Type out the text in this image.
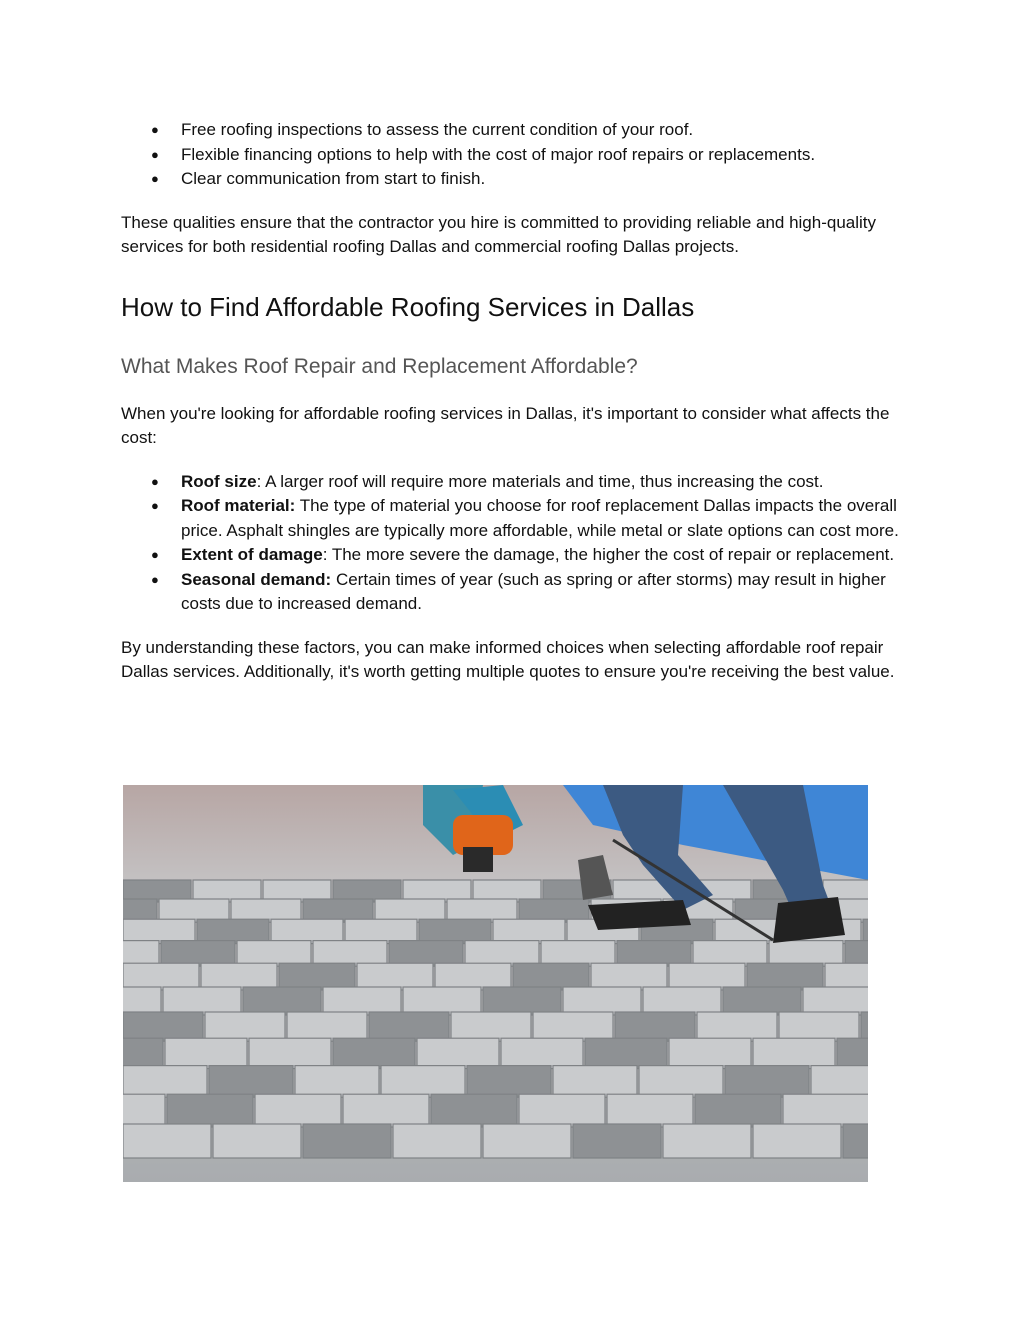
● Free roofing inspections to assess the current condition of your roof.
● Flexible financing options to help with the cost of major roof repairs or replacements.
● Clear communication from start to finish.

These qualities ensure that the contractor you hire is committed to providing reliable and high-quality services for both residential roofing Dallas and commercial roofing Dallas projects.

How to Find Affordable Roofing Services in Dallas
What Makes Roof Repair and Replacement Affordable?

When you're looking for affordable roofing services in Dallas, it's important to consider what affects the cost:

● Roof size: A larger roof will require more materials and time, thus increasing the cost.
● Roof material: The type of material you choose for roof replacement Dallas impacts the overall price. Asphalt shingles are typically more affordable, while metal or slate options can cost more.
● Extent of damage: The more severe the damage, the higher the cost of repair or replacement.
● Seasonal demand: Certain times of year (such as spring or after storms) may result in higher costs due to increased demand.

By understanding these factors, you can make informed choices when selecting affordable roof repair Dallas services. Additionally, it's worth getting multiple quotes to ensure you're receiving the best value.
